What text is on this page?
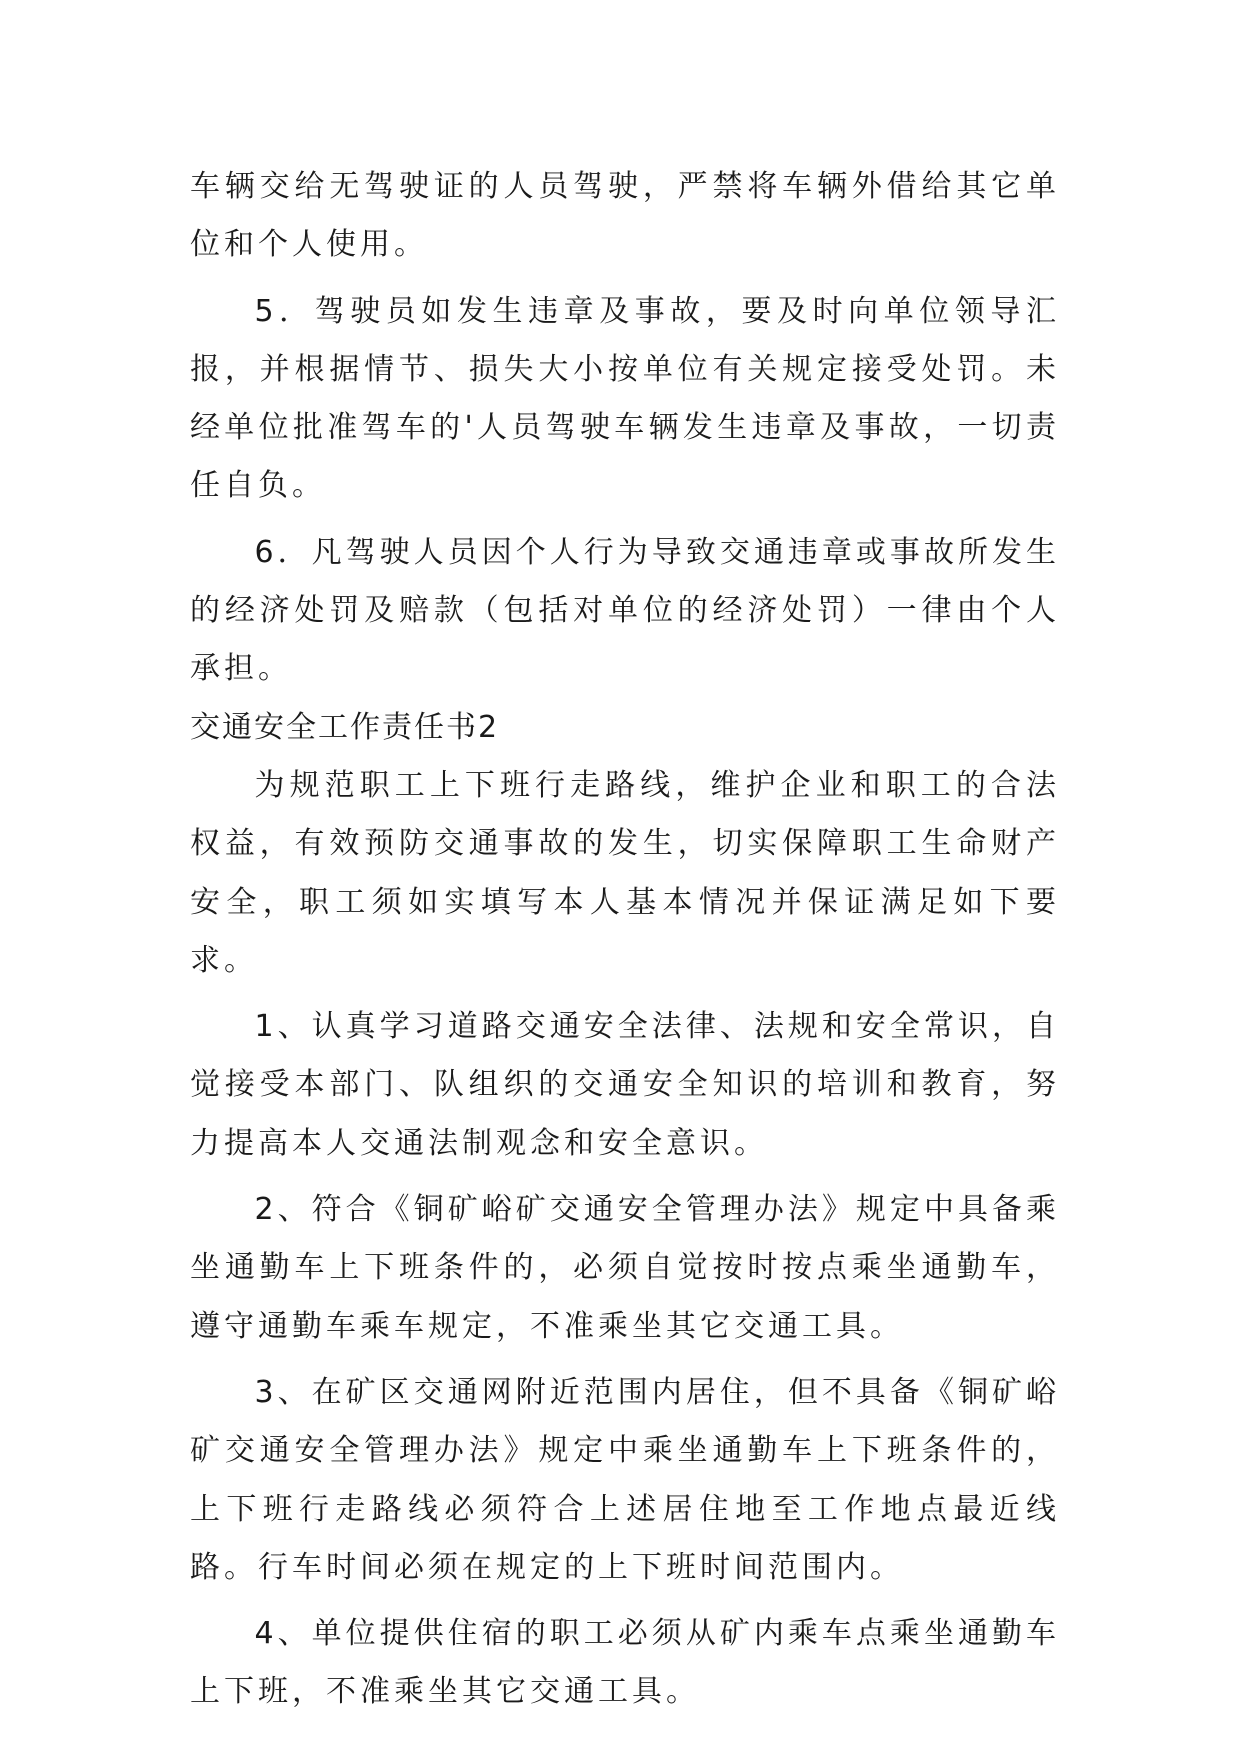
车辆交给无驾驶证的人员驾驶，严禁将车辆外借给其它单位和个人使用。

5．驾驶员如发生违章及事故，要及时向单位领导汇报，并根据情节、损失大小按单位有关规定接受处罚。未经单位批准驾车的'人员驾驶车辆发生违章及事故，一切责任自负。

6．凡驾驶人员因个人行为导致交通违章或事故所发生的经济处罚及赔款（包括对单位的经济处罚）一律由个人承担。

交通安全工作责任书2

为规范职工上下班行走路线，维护企业和职工的合法权益，有效预防交通事故的发生，切实保障职工生命财产安全，职工须如实填写本人基本情况并保证满足如下要求。

1、认真学习道路交通安全法律、法规和安全常识，自觉接受本部门、队组织的交通安全知识的培训和教育，努力提高本人交通法制观念和安全意识。

2、符合《铜矿峪矿交通安全管理办法》规定中具备乘坐通勤车上下班条件的，必须自觉按时按点乘坐通勤车，遵守通勤车乘车规定，不准乘坐其它交通工具。

3、在矿区交通网附近范围内居住，但不具备《铜矿峪矿交通安全管理办法》规定中乘坐通勤车上下班条件的，上下班行走路线必须符合上述居住地至工作地点最近线路。行车时间必须在规定的上下班时间范围内。

4、单位提供住宿的职工必须从矿内乘车点乘坐通勤车上下班，不准乘坐其它交通工具。
